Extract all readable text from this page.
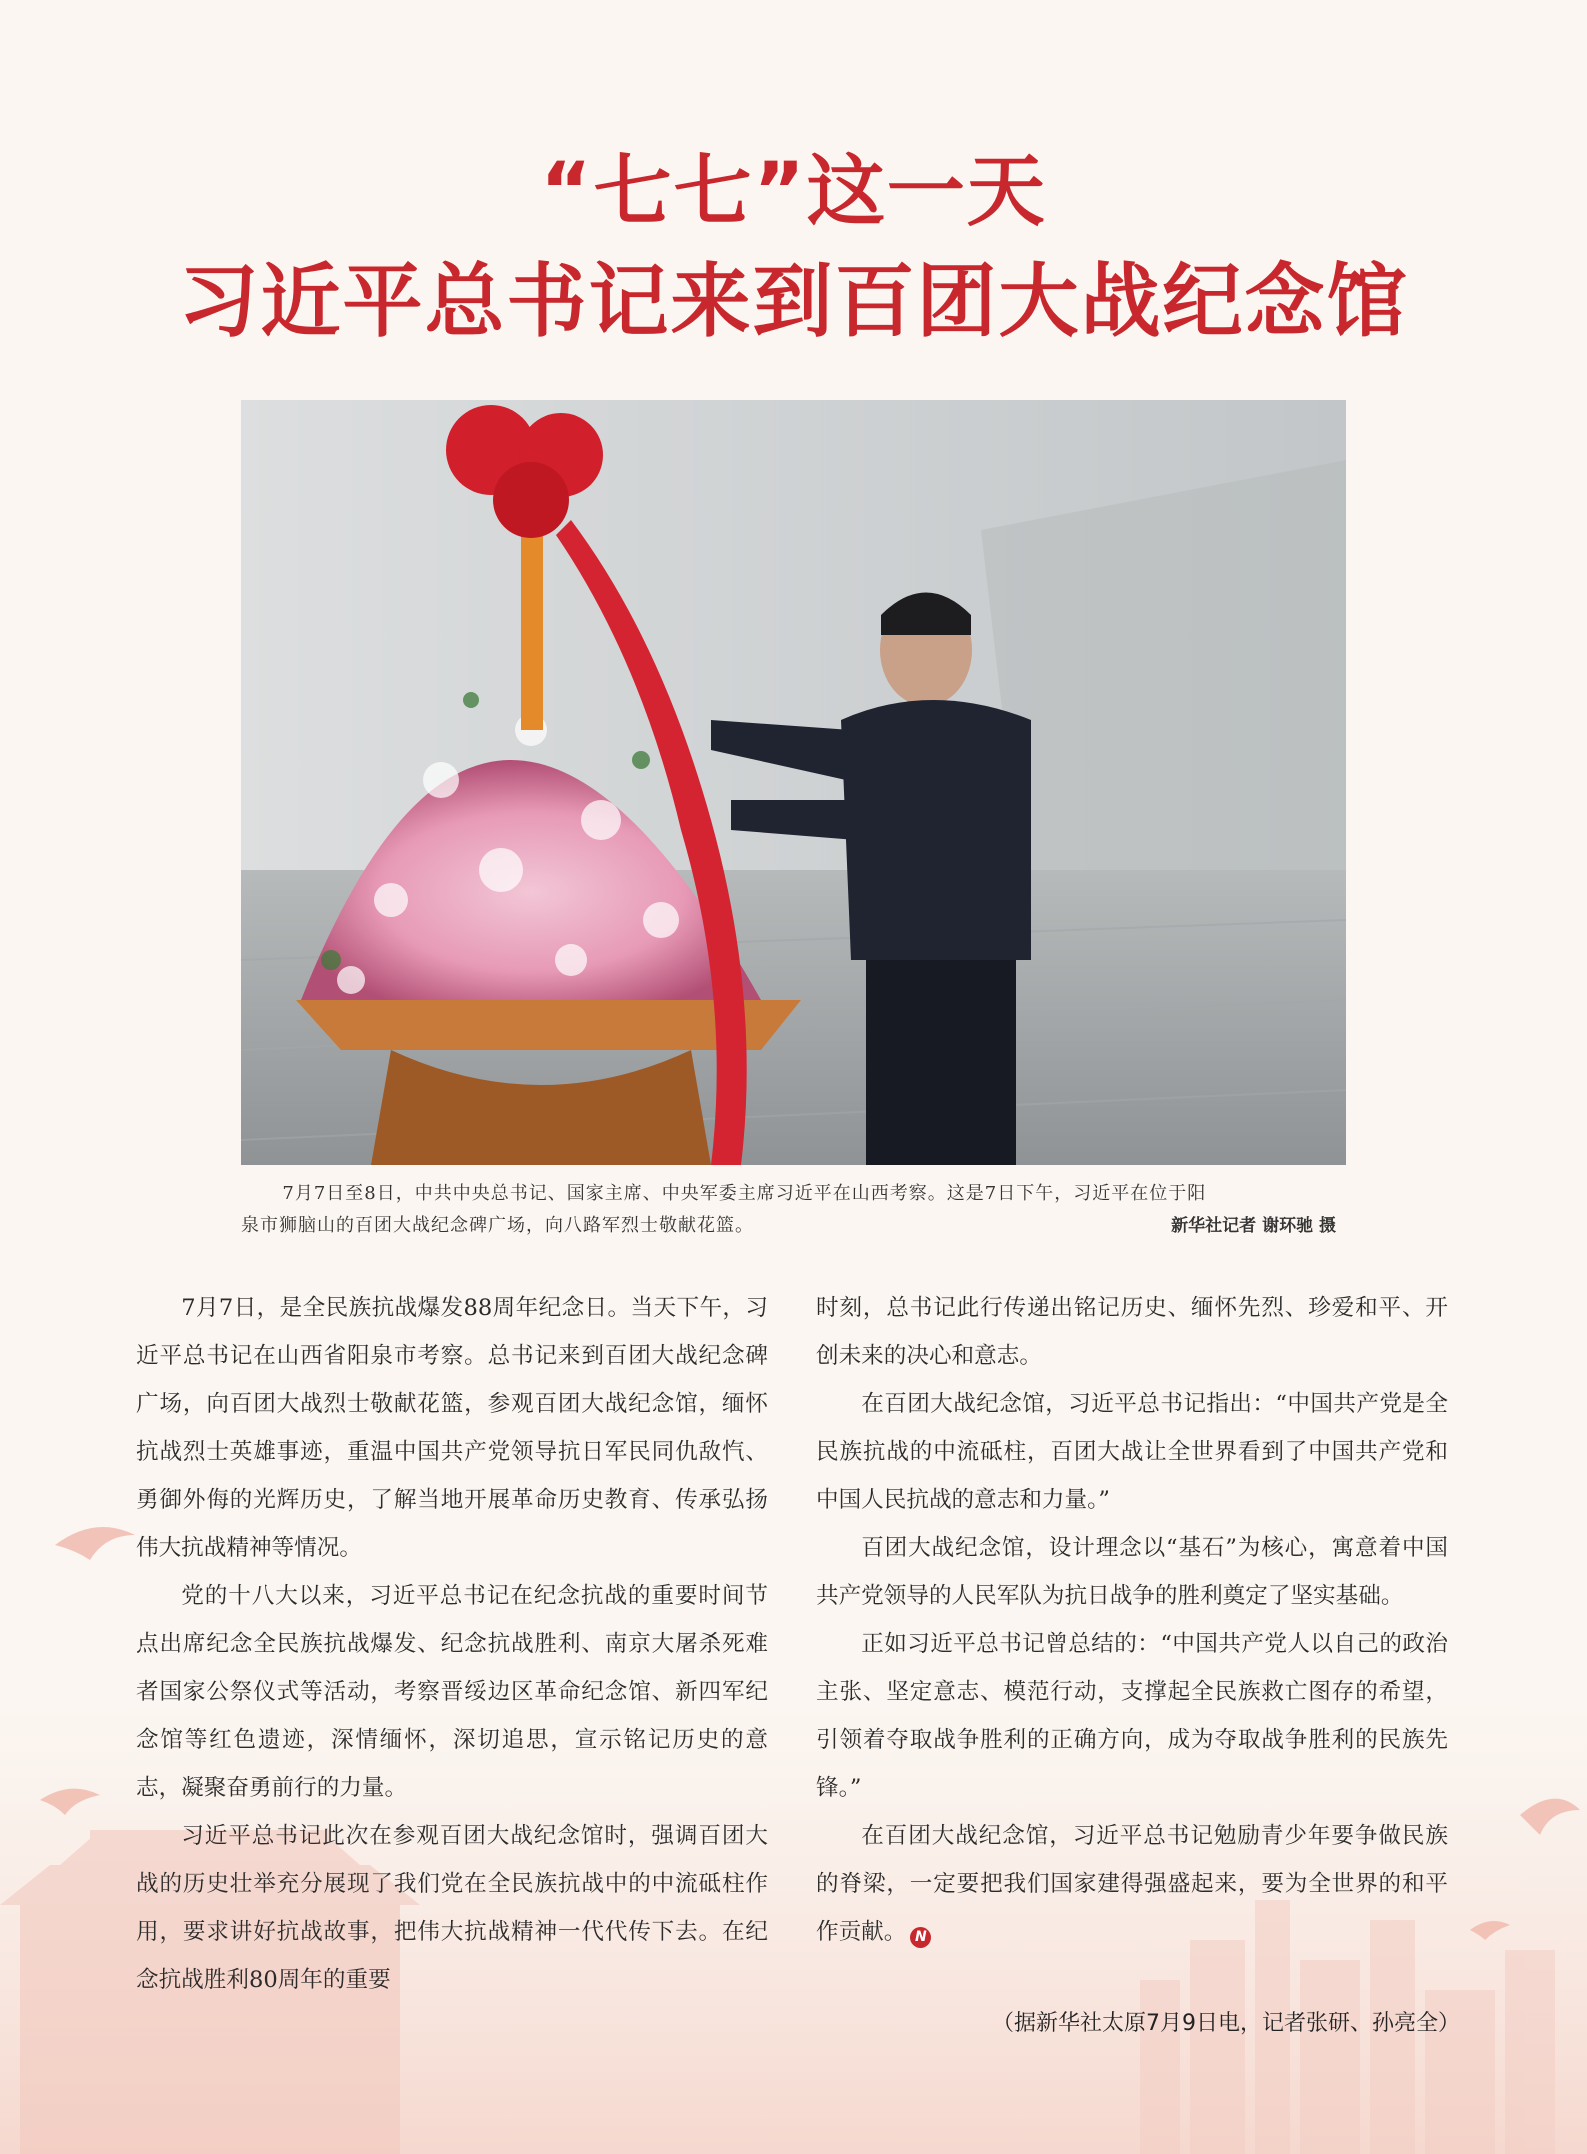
“七七”这一天
习近平总书记来到百团大战纪念馆
7月7日至8日，中共中央总书记、国家主席、中央军委主席习近平在山西考察。这是7日下午，习近平在位于阳
泉市狮脑山的百团大战纪念碑广场，向八路军烈士敬献花篮。	新华社记者 谢环驰 摄

7月7日，是全民族抗战爆发88周年纪念日。当天下午，习近平总书记在山西省阳泉市考察。总书记来到百团大战纪念碑广场，向百团大战烈士敬献花篮，参观百团大战纪念馆，缅怀抗战烈士英雄事迹，重温中国共产党领导抗日军民同仇敌忾、勇御外侮的光辉历史，了解当地开展革命历史教育、传承弘扬伟大抗战精神等情况。

党的十八大以来，习近平总书记在纪念抗战的重要时间节点出席纪念全民族抗战爆发、纪念抗战胜利、南京大屠杀死难者国家公祭仪式等活动，考察晋绥边区革命纪念馆、新四军纪念馆等红色遗迹，深情缅怀，深切追思，宣示铭记历史的意志，凝聚奋勇前行的力量。

习近平总书记此次在参观百团大战纪念馆时，强调百团大战的历史壮举充分展现了我们党在全民族抗战中的中流砥柱作用，要求讲好抗战故事，把伟大抗战精神一代代传下去。在纪念抗战胜利80周年的重要

时刻，总书记此行传递出铭记历史、缅怀先烈、珍爱和平、开创未来的决心和意志。

在百团大战纪念馆，习近平总书记指出：“中国共产党是全民族抗战的中流砥柱，百团大战让全世界看到了中国共产党和中国人民抗战的意志和力量。”

百团大战纪念馆，设计理念以“基石”为核心，寓意着中国共产党领导的人民军队为抗日战争的胜利奠定了坚实基础。

正如习近平总书记曾总结的：“中国共产党人以自己的政治主张、坚定意志、模范行动，支撑起全民族救亡图存的希望，引领着夺取战争胜利的正确方向，成为夺取战争胜利的民族先锋。”

在百团大战纪念馆，习近平总书记勉励青少年要争做民族的脊梁，一定要把我们国家建得强盛起来，要为全世界的和平作贡献。 N

（据新华社太原7月9日电，记者张研、孙亮全）
